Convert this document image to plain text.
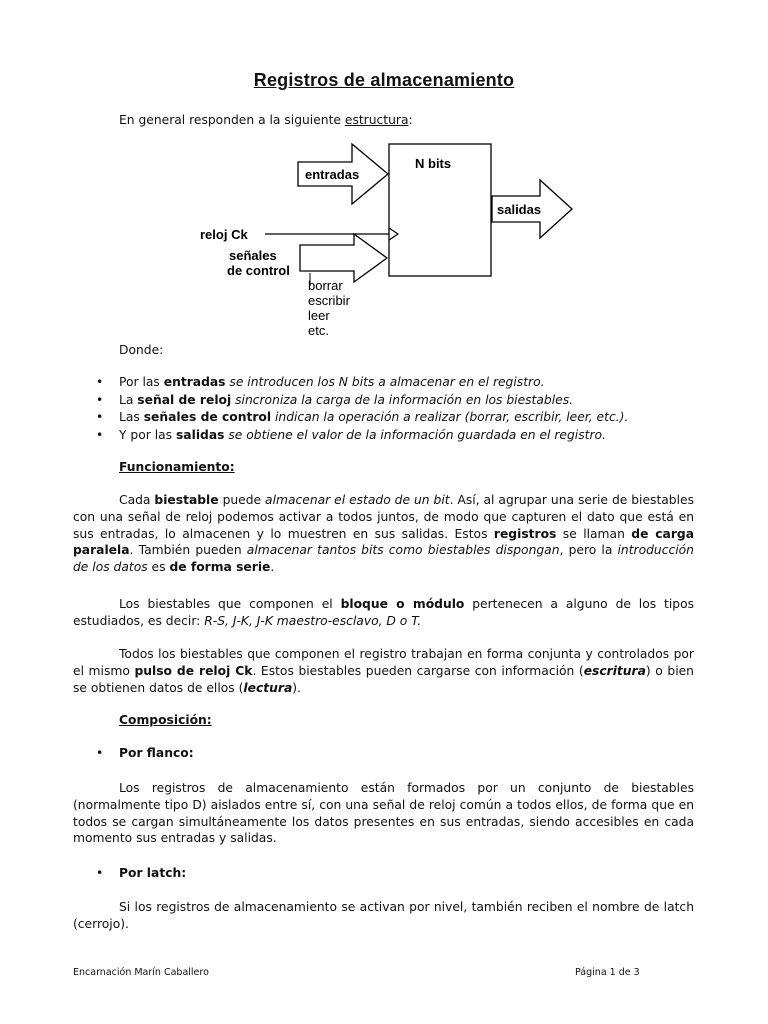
Registros de almacenamiento
En general responden a la siguiente estructura:
N bits
entradas
salidas
reloj Ck
señales
de control
borrar
escribir
leer
etc.
Donde:
• Por las entradas se introducen los N bits a almacenar en el registro.
• La señal de reloj sincroniza la carga de la información en los biestables.
• Las señales de control indican la operación a realizar (borrar, escribir, leer, etc.).
• Y por las salidas se obtiene el valor de la información guardada en el registro.
Funcionamiento:
Cada biestable puede almacenar el estado de un bit. Así, al agrupar una serie de biestables con una señal de reloj podemos activar a todos juntos, de modo que capturen el dato que está en sus entradas, lo almacenen y lo muestren en sus salidas. Estos registros se llaman de carga paralela. También pueden almacenar tantos bits como biestables dispongan, pero la introducción de los datos es de forma serie.
Los biestables que componen el bloque o módulo pertenecen a alguno de los tipos estudiados, es decir: R-S, J-K, J-K maestro-esclavo, D o T.
Todos los biestables que componen el registro trabajan en forma conjunta y controlados por el mismo pulso de reloj Ck. Estos biestables pueden cargarse con información (escritura) o bien se obtienen datos de ellos (lectura).
Composición:
• Por flanco:
Los registros de almacenamiento están formados por un conjunto de biestables (normalmente tipo D) aislados entre sí, con una señal de reloj común a todos ellos, de forma que en todos se cargan simultáneamente los datos presentes en sus entradas, siendo accesibles en cada momento sus entradas y salidas.
• Por latch:
Si los registros de almacenamiento se activan por nivel, también reciben el nombre de latch (cerrojo).
Encarnación Marín Caballero	Página 1 de 3
